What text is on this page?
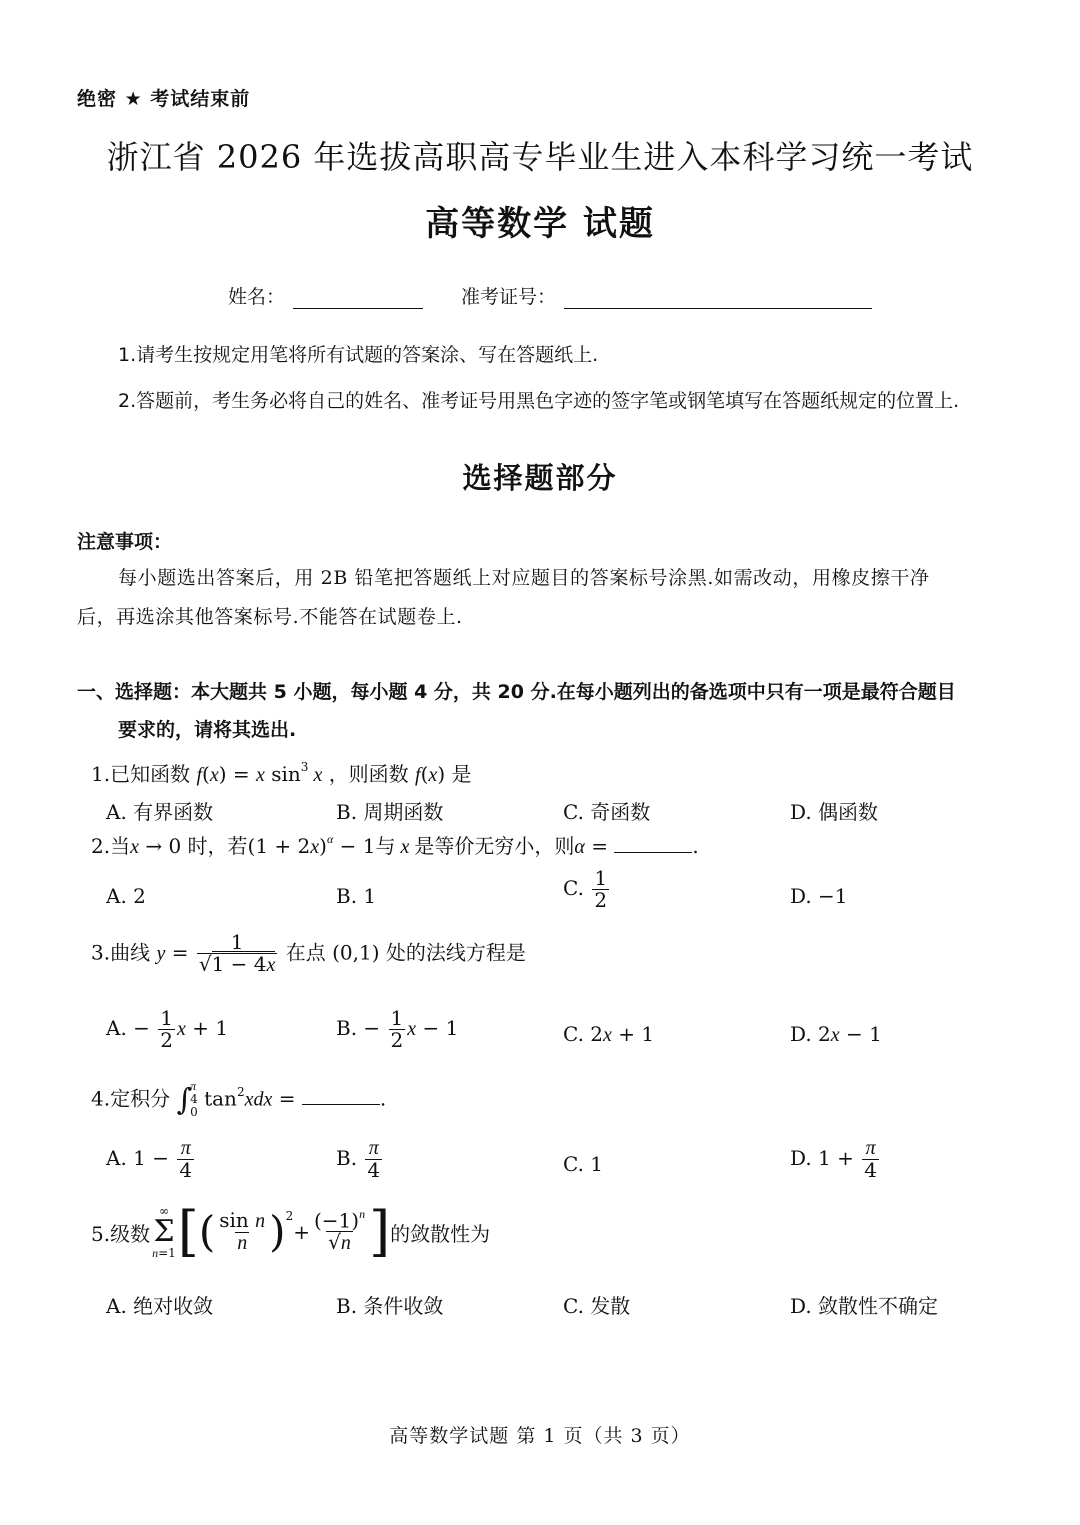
绝密 ★ 考试结束前
浙江省 2026 年选拔高职高专毕业生进入本科学习统一考试
高等数学 试题
姓名：	准考证号：
1.请考生按规定用笔将所有试题的答案涂、写在答题纸上.
2.答题前，考生务必将自己的姓名、准考证号用黑色字迹的签字笔或钢笔填写在答题纸规定的位置上.
选择题部分
注意事项：
每小题选出答案后，用 2B 铅笔把答题纸上对应题目的答案标号涂黑.如需改动，用橡皮擦干净
后，再选涂其他答案标号.不能答在试题卷上.
一、选择题：本大题共 5 小题，每小题 4 分，共 20 分.在每小题列出的备选项中只有一项是最符合题目
要求的，请将其选出.
1.已知函数 f(x) = x $\sin^3 x$ ，则函数 f(x) 是
A. 有界函数	B. 周期函数	C. 奇函数	D. 偶函数
2.当x → 0 时，若$(1 + 2x)^\alpha - 1$与 x 是等价无穷小，则α =	.
A. 2	B. 1	C. $\frac{1}{2}$	D. −1
3.曲线 $y = \frac{1}{√1 - 4x}$ 在点 (0,1) 处的法线方程是
A. − $\frac{1}{2}$ x + 1	B. − $\frac{1}{2}$ x − 1	C. 2x + 1	D. 2x − 1
4.定积分 ∫
π
4
0
$\tan^2xdx$ =	.
A. $1 - \frac{\pi}{4}$	B. $\frac{\pi}{4}$	C. 1	D. $1 + \frac{\pi}{4}$
5.级数
∞
Σ
n=1 [ ( $\frac{\text{sin n}}{n}$ ) 2
+ $\frac{(-1)^n}{√n}$ ] 的敛散性为
A. 绝对收敛	B. 条件收敛	C. 发散	D. 敛散性不确定
高等数学试题 第 1 页（共 3 页）
